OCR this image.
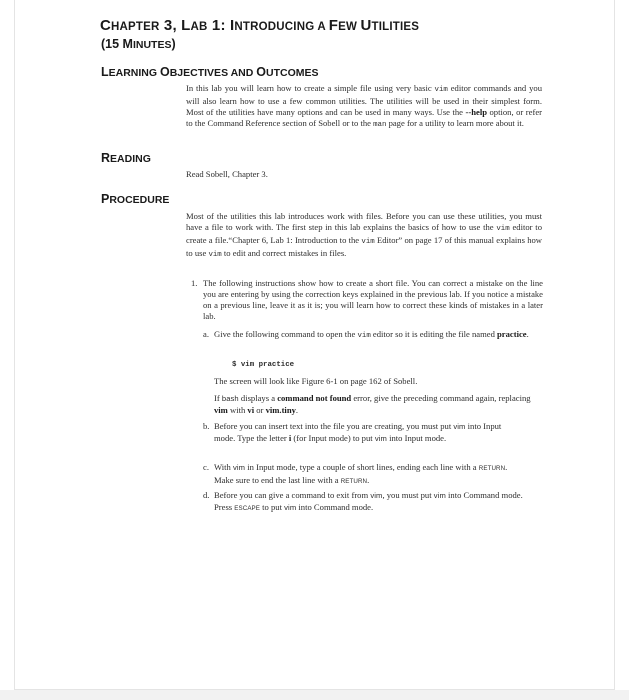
CHAPTER 3, LAB 1: INTRODUCING A FEW UTILITIES
(15 MINUTES)
LEARNING OBJECTIVES AND OUTCOMES
In this lab you will learn how to create a simple file using very basic vim editor commands and you will also learn how to use a few common utilities. The utilities will be used in their simplest form. Most of the utilities have many options and can be used in many ways. Use the --help option, or refer to the Command Reference section of Sobell or to the man page for a utility to learn more about it.
READING
Read Sobell, Chapter 3.
PROCEDURE
Most of the utilities this lab introduces work with files. Before you can use these utilities, you must have a file to work with. The first step in this lab explains the basics of how to use the vim editor to create a file.“Chapter 6, Lab 1: Introduction to the vim Editor” on page 17 of this manual explains how to use vim to edit and correct mistakes in files.
1. The following instructions show how to create a short file. You can correct a mistake on the line you are entering by using the correction keys explained in the previous lab. If you notice a mistake on a previous line, leave it as it is; you will learn how to correct these kinds of mistakes in a later lab.
a. Give the following command to open the vim editor so it is editing the file named practice.
$ vim practice
The screen will look like Figure 6-1 on page 162 of Sobell.
If bash displays a command not found error, give the preceding command again, replacing vim with vi or vim.tiny.
b. Before you can insert text into the file you are creating, you must put vim into Input mode. Type the letter i (for Input mode) to put vim into Input mode.
c. With vim in Input mode, type a couple of short lines, ending each line with a RETURN. Make sure to end the last line with a RETURN.
d. Before you can give a command to exit from vim, you must put vim into Command mode. Press ESCAPE to put vim into Command mode.
